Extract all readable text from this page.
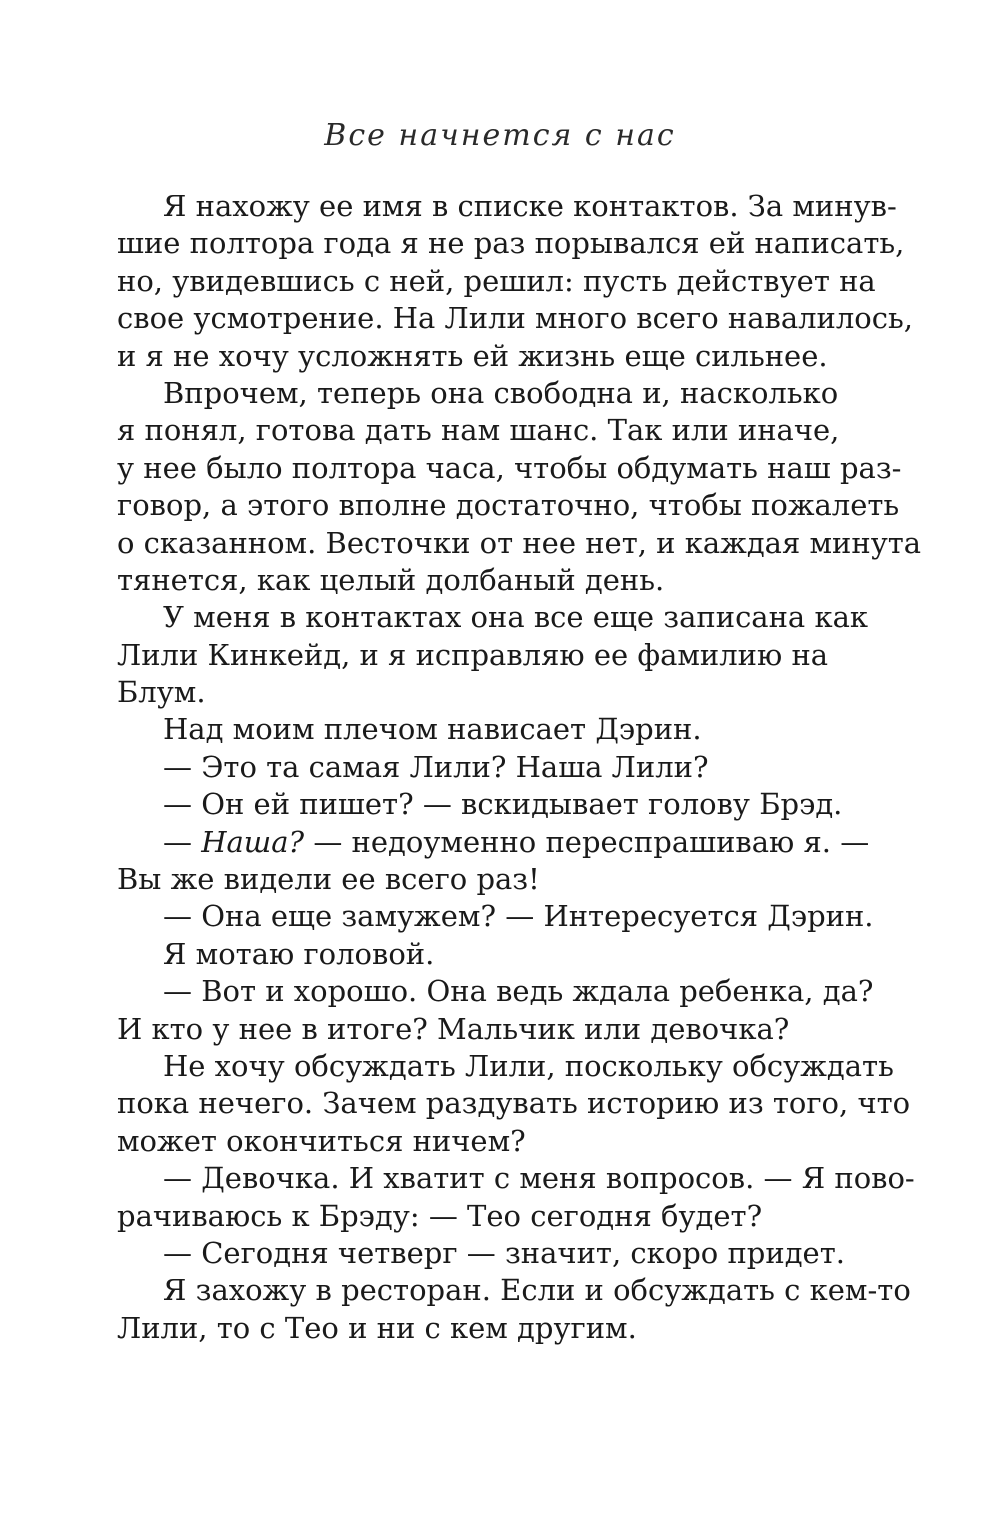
Все начнется с нас
Я нахожу ее имя в списке контактов. За минув-
шие полтора года я не раз порывался ей написать,
но, увидевшись с ней, решил: пусть действует на
свое усмотрение. На Лили много всего навалилось,
и я не хочу усложнять ей жизнь еще сильнее.
Впрочем, теперь она свободна и, насколько
я понял, готова дать нам шанс. Так или иначе,
у нее было полтора часа, чтобы обдумать наш раз-
говор, а этого вполне достаточно, чтобы пожалеть
о сказанном. Весточки от нее нет, и каждая минута
тянется, как целый долбаный день.
У меня в контактах она все еще записана как
Лили Кинкейд, и я исправляю ее фамилию на
Блум.
Над моим плечом нависает Дэрин.
— Это та самая Лили? Наша Лили?
— Он ей пишет? — вскидывает голову Брэд.
— Наша? — недоуменно переспрашиваю я. —
Вы же видели ее всего раз!
— Она еще замужем? — Интересуется Дэрин.
Я мотаю головой.
— Вот и хорошо. Она ведь ждала ребенка, да?
И кто у нее в итоге? Мальчик или девочка?
Не хочу обсуждать Лили, поскольку обсуждать
пока нечего. Зачем раздувать историю из того, что
может окончиться ничем?
— Девочка. И хватит с меня вопросов. — Я пово-
рачиваюсь к Брэду: — Тео сегодня будет?
— Сегодня четверг — значит, скоро придет.
Я захожу в ресторан. Если и обсуждать с кем-то
Лили, то с Тео и ни с кем другим.
